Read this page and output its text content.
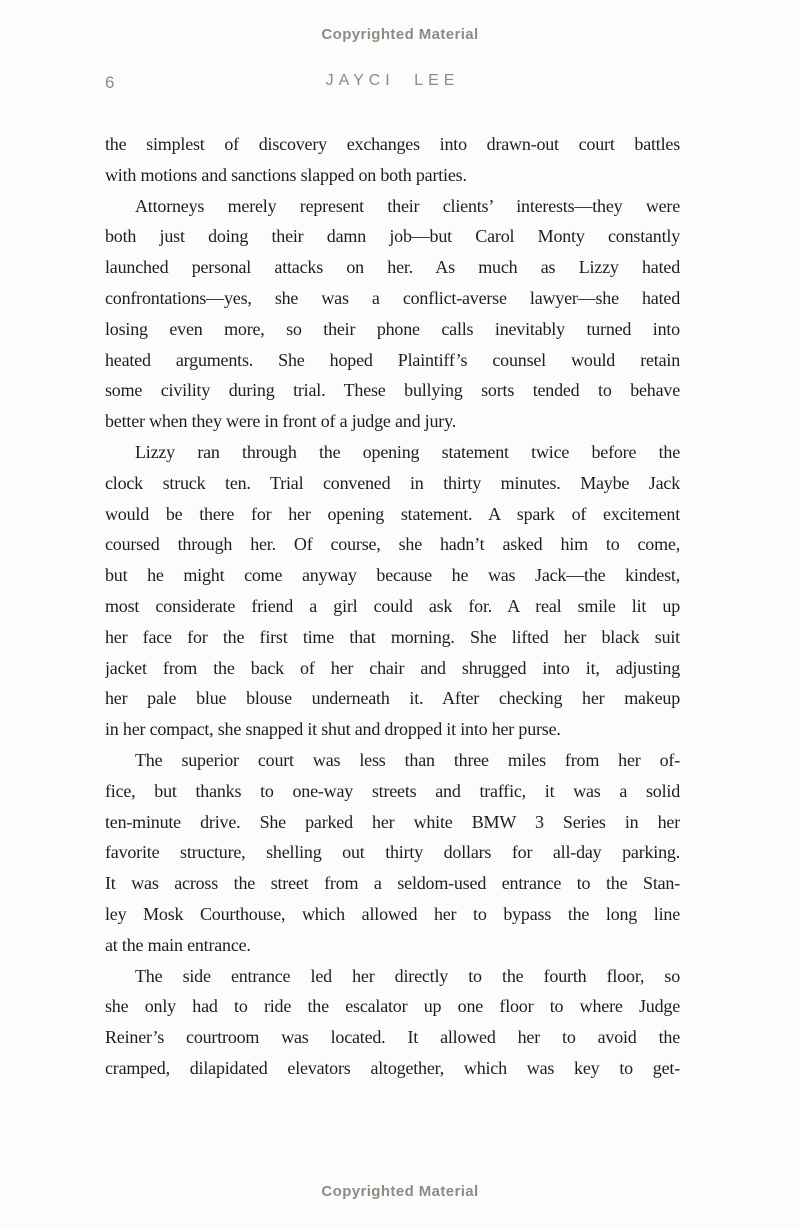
Copyrighted Material
6	JAYCI LEE
the simplest of discovery exchanges into drawn-out court battles
with motions and sanctions slapped on both parties.
Attorneys merely represent their clients’ interests—they were
both just doing their damn job—but Carol Monty constantly
launched personal attacks on her. As much as Lizzy hated
confrontations—yes, she was a conflict-averse lawyer—she hated
losing even more, so their phone calls inevitably turned into
heated arguments. She hoped Plaintiff’s counsel would retain
some civility during trial. These bullying sorts tended to behave
better when they were in front of a judge and jury.
Lizzy ran through the opening statement twice before the
clock struck ten. Trial convened in thirty minutes. Maybe Jack
would be there for her opening statement. A spark of excitement
coursed through her. Of course, she hadn’t asked him to come,
but he might come anyway because he was Jack—the kindest,
most considerate friend a girl could ask for. A real smile lit up
her face for the first time that morning. She lifted her black suit
jacket from the back of her chair and shrugged into it, adjusting
her pale blue blouse underneath it. After checking her makeup
in her compact, she snapped it shut and dropped it into her purse.
The superior court was less than three miles from her of-
fice, but thanks to one-way streets and traffic, it was a solid
ten-minute drive. She parked her white BMW 3 Series in her
favorite structure, shelling out thirty dollars for all-day parking.
It was across the street from a seldom-used entrance to the Stan-
ley Mosk Courthouse, which allowed her to bypass the long line
at the main entrance.
The side entrance led her directly to the fourth floor, so
she only had to ride the escalator up one floor to where Judge
Reiner’s courtroom was located. It allowed her to avoid the
cramped, dilapidated elevators altogether, which was key to get-
Copyrighted Material
